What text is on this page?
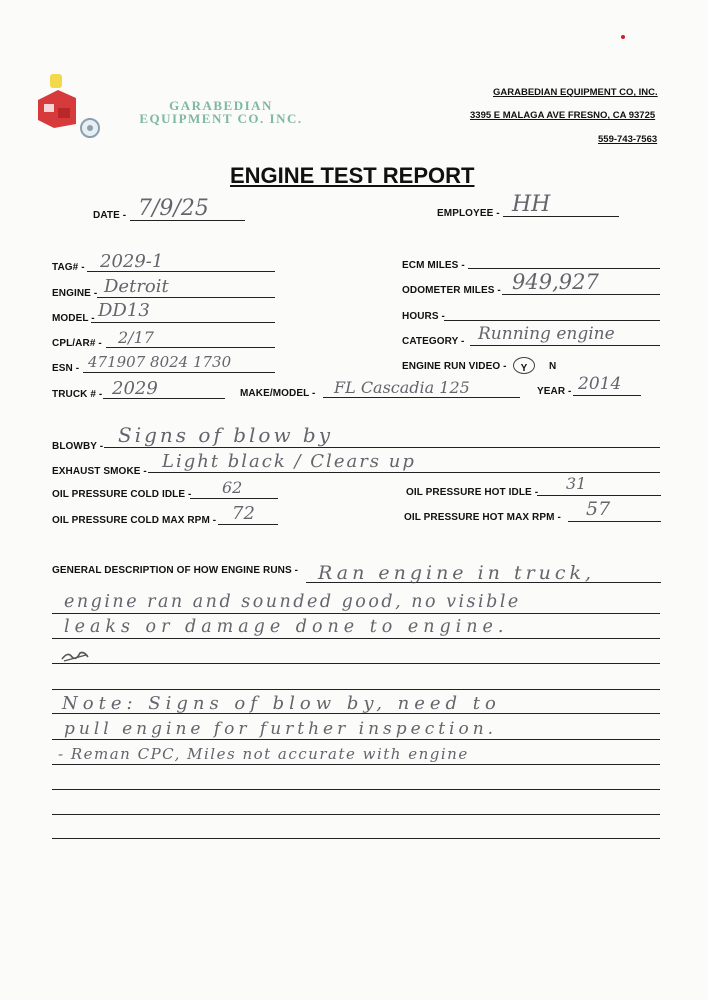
GARABEDIAN
EQUIPMENT CO. INC.
GARABEDIAN EQUIPMENT CO, INC.
3395 E MALAGA AVE FRESNO, CA 93725
559-743-7563
ENGINE TEST REPORT
DATE - 7/9/25	EMPLOYEE - HH
TAG# - 2029-1
ENGINE - Detroit
MODEL - DD13
CPL/AR# - 2/17
ESN - 471907 8024 1730
TRUCK # - 2029
ECM MILES -
ODOMETER MILES - 949,927
HOURS -
CATEGORY - Running engine
ENGINE RUN VIDEO -	Y	N
MAKE/MODEL - FL Cascadia 125	YEAR - 2014
BLOWBY - Signs of blow by
EXHAUST SMOKE - Light black / Clears up
OIL PRESSURE COLD IDLE - 62
OIL PRESSURE COLD MAX RPM - 72
OIL PRESSURE HOT IDLE - 31
OIL PRESSURE HOT MAX RPM - 57
GENERAL DESCRIPTION OF HOW ENGINE RUNS - Ran engine in truck,
engine ran and sounded good, no visible
leaks or damage done to engine.
Note: Signs of blow by, need to
pull engine for further inspection.
- Reman CPC, Miles not accurate with engine
